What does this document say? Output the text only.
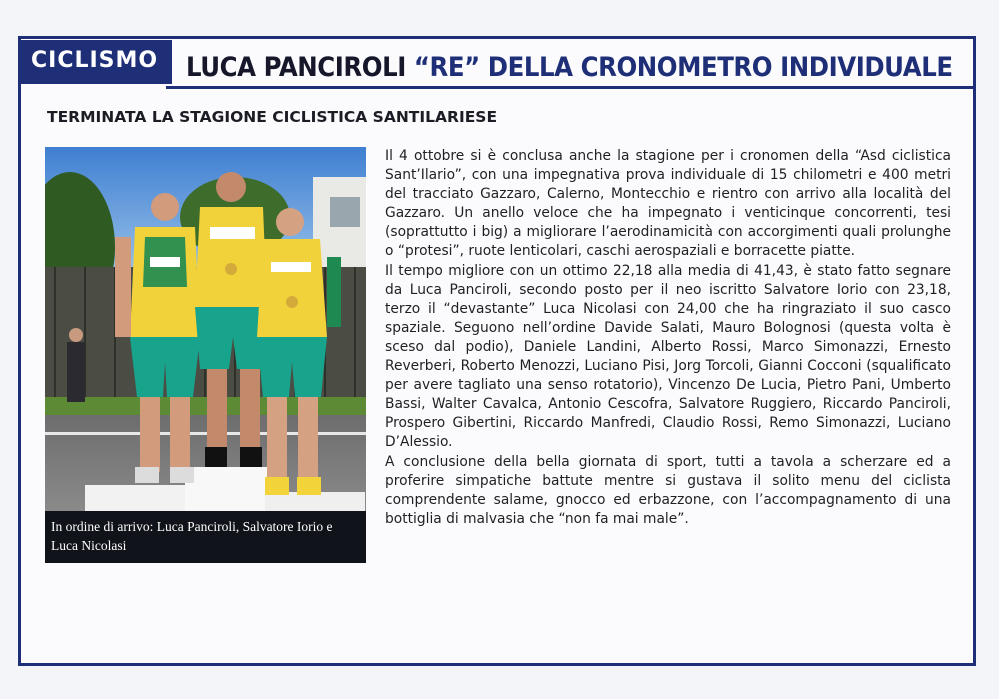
CICLISMO	LUCA PANCIROLI “RE” DELLA CRONOMETRO INDIVIDUALE
TERMINATA LA STAGIONE CICLISTICA SANTILARIESE
In ordine di arrivo: Luca Panciroli, Salvatore Iorio e Luca Nicolasi

Il 4 ottobre si è conclusa anche la stagione per i cronomen della “Asd ciclistica Sant’Ilario”, con una impegnativa prova individuale di 15 chilometri e 400 metri del tracciato Gazzaro, Calerno, Montecchio e rientro con arrivo alla località del Gazzaro. Un anello veloce che ha impegnato i venticinque concorrenti, tesi (soprattutto i big) a migliorare l’aerodinamicità con accorgimenti quali prolunghe o “protesi”, ruote lenticolari, caschi aerospaziali e borracette piatte.

Il tempo migliore con un ottimo 22,18 alla media di 41,43, è stato fatto segnare da Luca Panciroli, secondo posto per il neo iscritto Salvatore Iorio con 23,18, terzo il “devastante” Luca Nicolasi con 24,00 che ha ringraziato il suo casco spaziale. Seguono nell’ordine Davide Salati, Mauro Bolognosi (questa volta è sceso dal podio), Daniele Landini, Alberto Rossi, Marco Simonazzi, Ernesto Reverberi, Roberto Menozzi, Luciano Pisi, Jorg Torcoli, Gianni Cocconi (squalificato per avere tagliato una senso rotatorio), Vincenzo De Lucia, Pietro Pani, Umberto Bassi, Walter Cavalca, Antonio Cescofra, Salvatore Ruggiero, Riccardo Panciroli, Prospero Gibertini, Riccardo Manfredi, Claudio Rossi, Remo Simonazzi, Luciano D’Alessio.

A conclusione della bella giornata di sport, tutti a tavola a scherzare ed a proferire simpatiche battute mentre si gustava il solito menu del ciclista comprendente salame, gnocco ed erbazzone, con l’accompagnamento di una bottiglia di malvasia che “non fa mai male”.
